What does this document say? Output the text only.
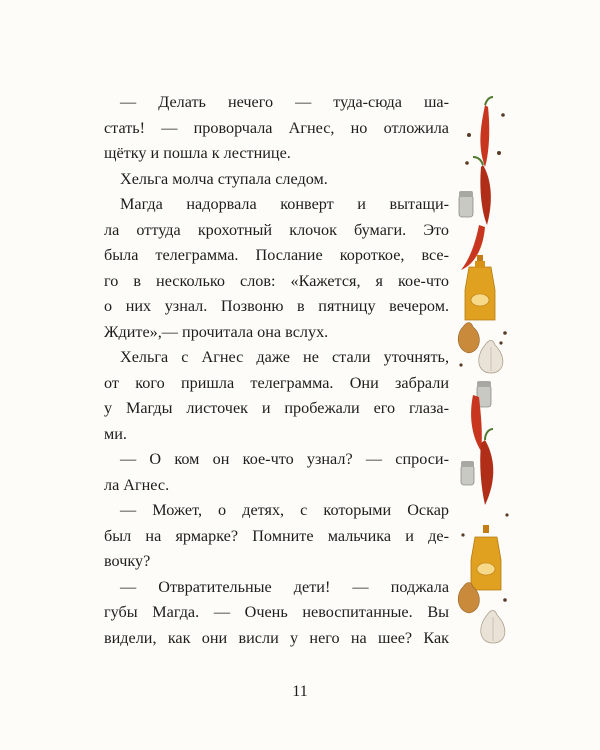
— Делать нечего — туда-сюда ша-
стать! — проворчала Агнес, но отложила
щётку и пошла к лестнице.
Хельга молча ступала следом.
Магда надорвала конверт и вытащи-
ла оттуда крохотный клочок бумаги. Это
была телеграмма. Послание короткое, все-
го в несколько слов: «Кажется, я кое-что
о них узнал. Позвоню в пятницу вечером.
Ждите»,— прочитала она вслух.
Хельга с Агнес даже не стали уточнять,
от кого пришла телеграмма. Они забрали
у Магды листочек и пробежали его глаза-
ми.
— О ком он кое-что узнал? — спроси-
ла Агнес.
— Может, о детях, с которыми Оскар
был на ярмарке? Помните мальчика и де-
вочку?
— Отвратительные дети! — поджала
губы Магда. — Очень невоспитанные. Вы
видели, как они висли у него на шее? Как
11
